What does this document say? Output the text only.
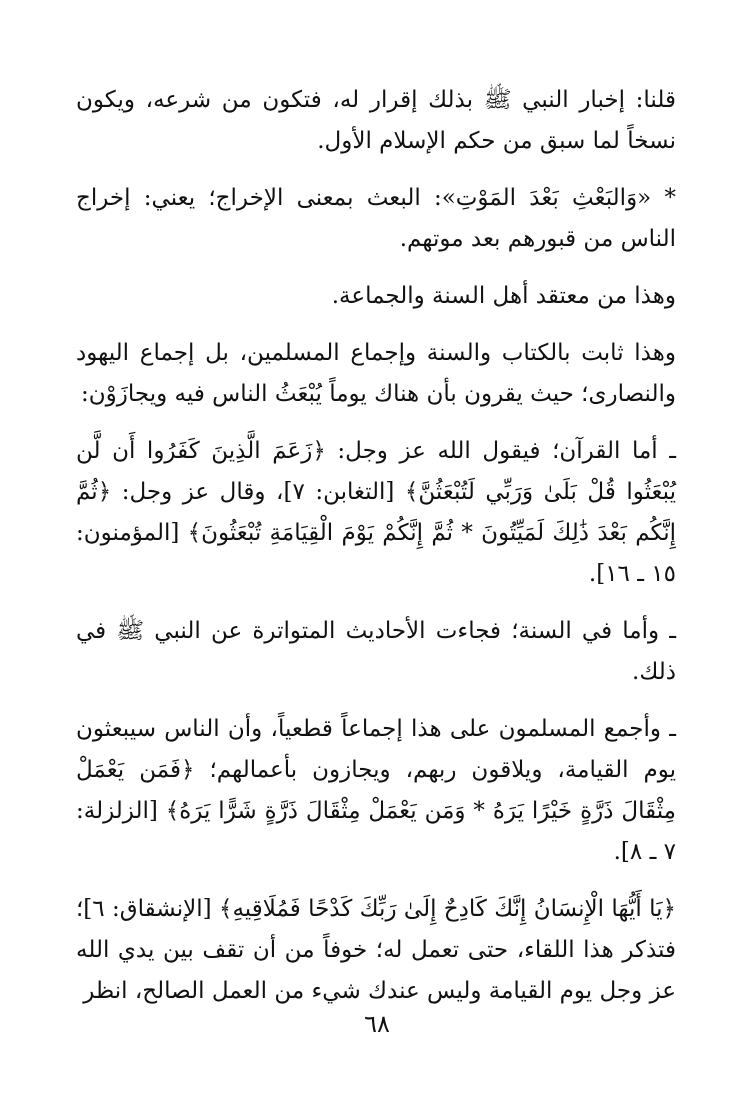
قلنا: إخبار النبي ﷺ بذلك إقرار له، فتكون من شرعه، ويكون نسخاً لما سبق من حكم الإسلام الأول.

* «وَالبَعْثِ بَعْدَ المَوْتِ»: البعث بمعنى الإخراج؛ يعني: إخراج الناس من قبورهم بعد موتهم.

وهذا من معتقد أهل السنة والجماعة.

وهذا ثابت بالكتاب والسنة وإجماع المسلمين، بل إجماع اليهود والنصارى؛ حيث يقرون بأن هناك يوماً يُبْعَثُ الناس فيه ويجازَوْن:

ـ أما القرآن؛ فيقول الله عز وجل: ﴿زَعَمَ الَّذِينَ كَفَرُوا أَن لَّن يُبْعَثُوا قُلْ بَلَىٰ وَرَبِّي لَتُبْعَثُنَّ﴾ [التغابن: ٧]، وقال عز وجل: ﴿ثُمَّ إِنَّكُم بَعْدَ ذَٰلِكَ لَمَيِّتُونَ * ثُمَّ إِنَّكُمْ يَوْمَ الْقِيَامَةِ تُبْعَثُونَ﴾ [المؤمنون: ١٥ ـ ١٦].

ـ وأما في السنة؛ فجاءت الأحاديث المتواترة عن النبي ﷺ في ذلك.

ـ وأجمع المسلمون على هذا إجماعاً قطعياً، وأن الناس سيبعثون يوم القيامة، ويلاقون ربهم، ويجازون بأعمالهم؛ ﴿فَمَن يَعْمَلْ مِثْقَالَ ذَرَّةٍ خَيْرًا يَرَهُ * وَمَن يَعْمَلْ مِثْقَالَ ذَرَّةٍ شَرًّا يَرَهُ﴾ [الزلزلة: ٧ ـ ٨].

﴿يَا أَيُّهَا الْإِنسَانُ إِنَّكَ كَادِحٌ إِلَىٰ رَبِّكَ كَدْحًا فَمُلَاقِيهِ﴾ [الإنشقاق: ٦]؛ فتذكر هذا اللقاء، حتى تعمل له؛ خوفاً من أن تقف بين يدي الله عز وجل يوم القيامة وليس عندك شيء من العمل الصالح، انظر

٦٨
